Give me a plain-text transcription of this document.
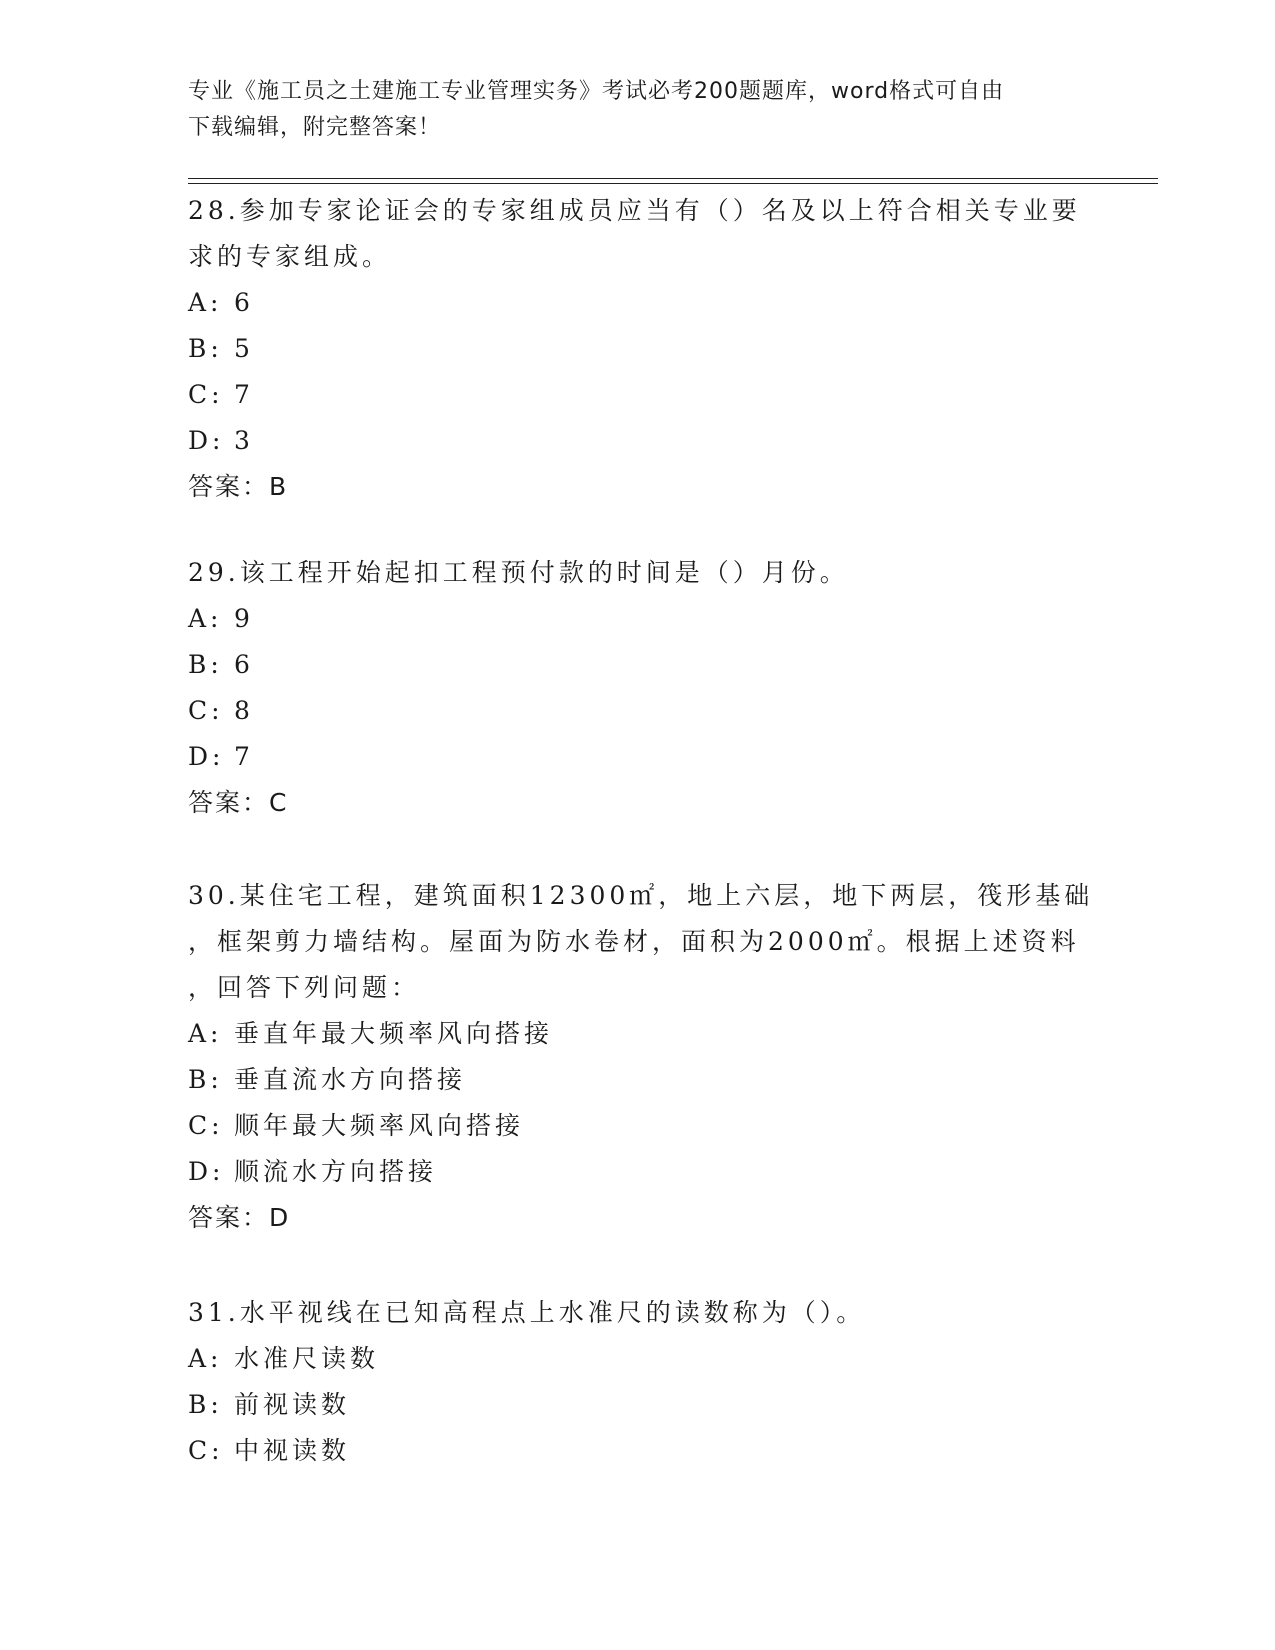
专业《施工员之土建施工专业管理实务》考试必考200题题库，word格式可自由
下载编辑，附完整答案！
28.参加专家论证会的专家组成员应当有（）名及以上符合相关专业要
求的专家组成。
A: 6
B: 5
C: 7
D: 3
答案：B
29.该工程开始起扣工程预付款的时间是（）月份。
A: 9
B: 6
C: 8
D: 7
答案：C
30.某住宅工程，建筑面积12300㎡，地上六层，地下两层，筏形基础
，框架剪力墙结构。屋面为防水卷材，面积为2000㎡。根据上述资料
，回答下列问题：
A: 垂直年最大频率风向搭接
B: 垂直流水方向搭接
C: 顺年最大频率风向搭接
D: 顺流水方向搭接
答案：D
31.水平视线在已知高程点上水准尺的读数称为（）。
A: 水准尺读数
B: 前视读数
C: 中视读数
